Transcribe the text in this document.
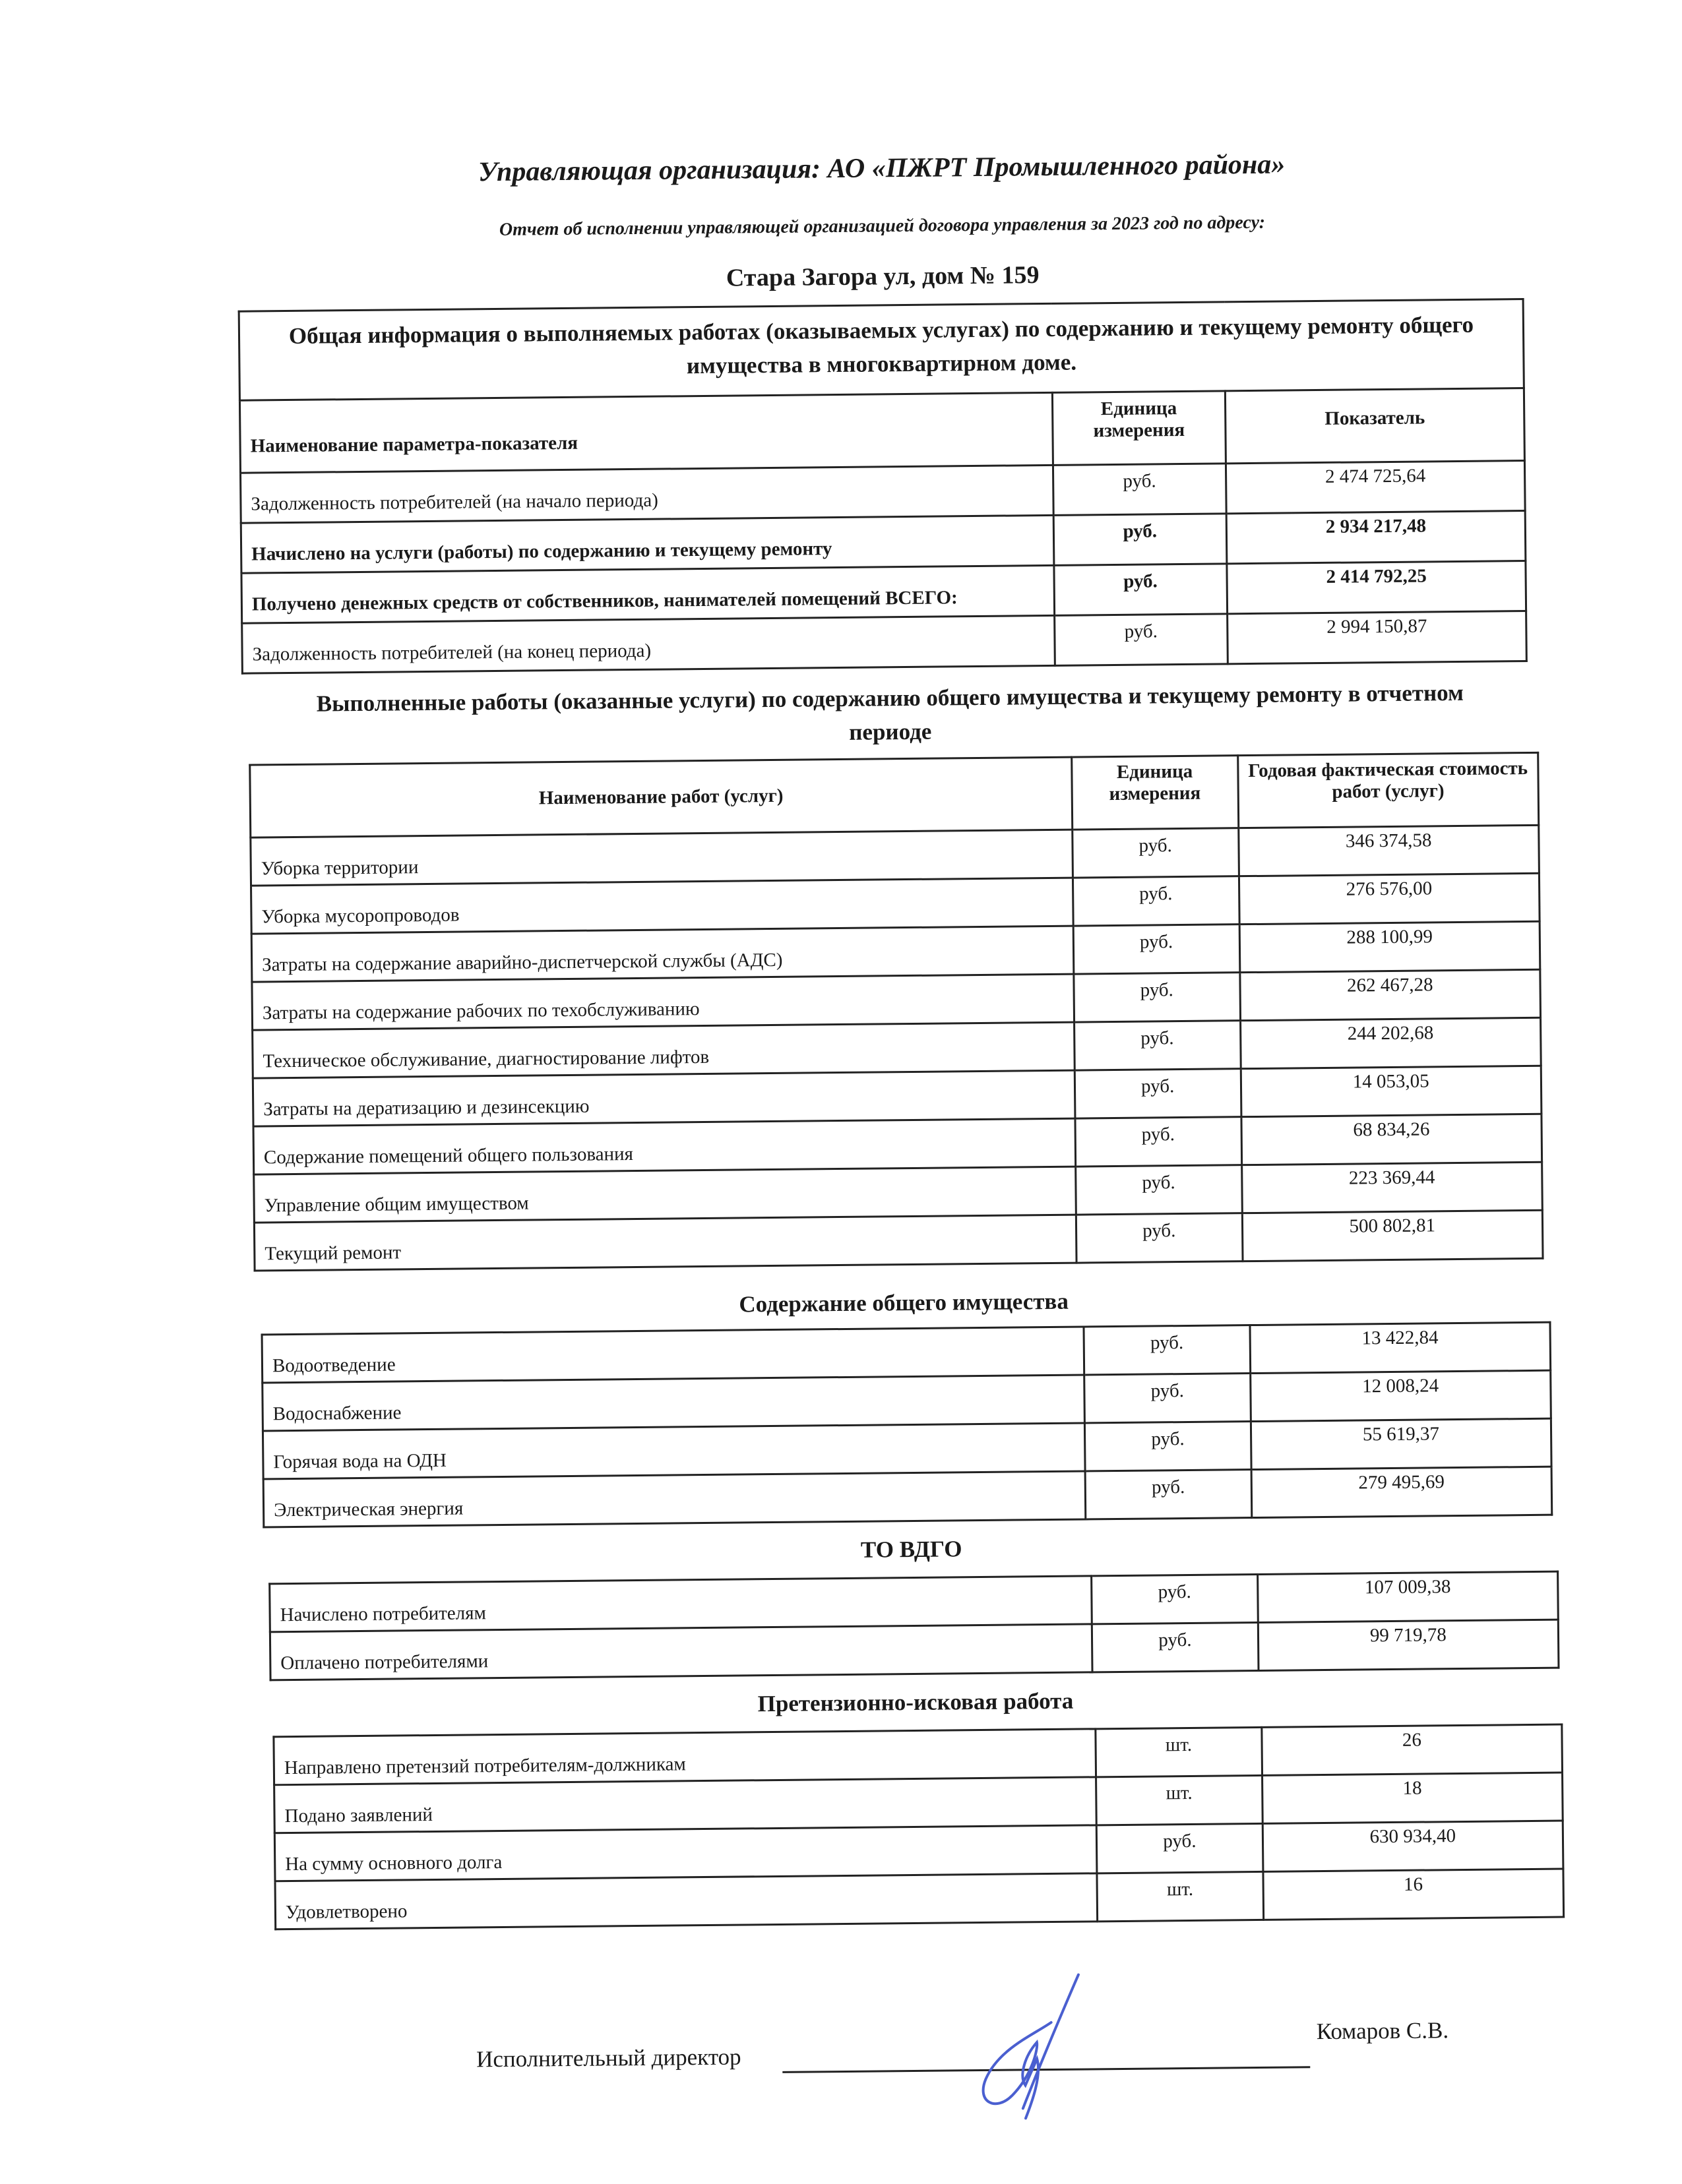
Управляющая организация: АО «ПЖРТ Промышленного района»
Отчет об исполнении управляющей организацией договора управления за 2023 год по адресу:
Стара Загора ул, дом № 159
Общая информация о выполняемых работах (оказываемых услугах) по содержанию и текущему ремонту общего имущества в многоквартирном доме.		
Наименование параметра-показателя	Единица измерения	Показатель
Задолженность потребителей (на начало периода)	руб.	2 474 725,64
Начислено на услуги (работы) по содержанию и текущему ремонту	руб.	2 934 217,48
Получено денежных средств от собственников, нанимателей помещений ВСЕГО:	руб.	2 414 792,25
Задолженность потребителей (на конец периода)	руб.	2 994 150,87
Выполненные работы (оказанные услуги) по содержанию общего имущества и текущему ремонту в отчетном периоде
Наименование работ (услуг)	Единица измерения	Годовая фактическая стоимость работ (услуг)
Уборка территории	руб.	346 374,58
Уборка мусоропроводов	руб.	276 576,00
Затраты на содержание аварийно-диспетчерской службы (АДС)	руб.	288 100,99
Затраты на содержание рабочих по техобслуживанию	руб.	262 467,28
Техническое обслуживание, диагностирование лифтов	руб.	244 202,68
Затраты на дератизацию и дезинсекцию	руб.	14 053,05
Содержание помещений общего пользования	руб.	68 834,26
Управление общим имуществом	руб.	223 369,44
Текущий ремонт	руб.	500 802,81
Содержание общего имущества
Водоотведение	руб.	13 422,84
Водоснабжение	руб.	12 008,24
Горячая вода на ОДН	руб.	55 619,37
Электрическая энергия	руб.	279 495,69
ТО ВДГО
Начислено потребителям	руб.	107 009,38
Оплачено потребителями	руб.	99 719,78
Претензионно-исковая работа
Направлено претензий потребителям-должникам	шт.	26
Подано заявлений	шт.	18
На сумму основного долга	руб.	630 934,40
Удовлетворено	шт.	16
Исполнительный директор
Комаров С.В.
